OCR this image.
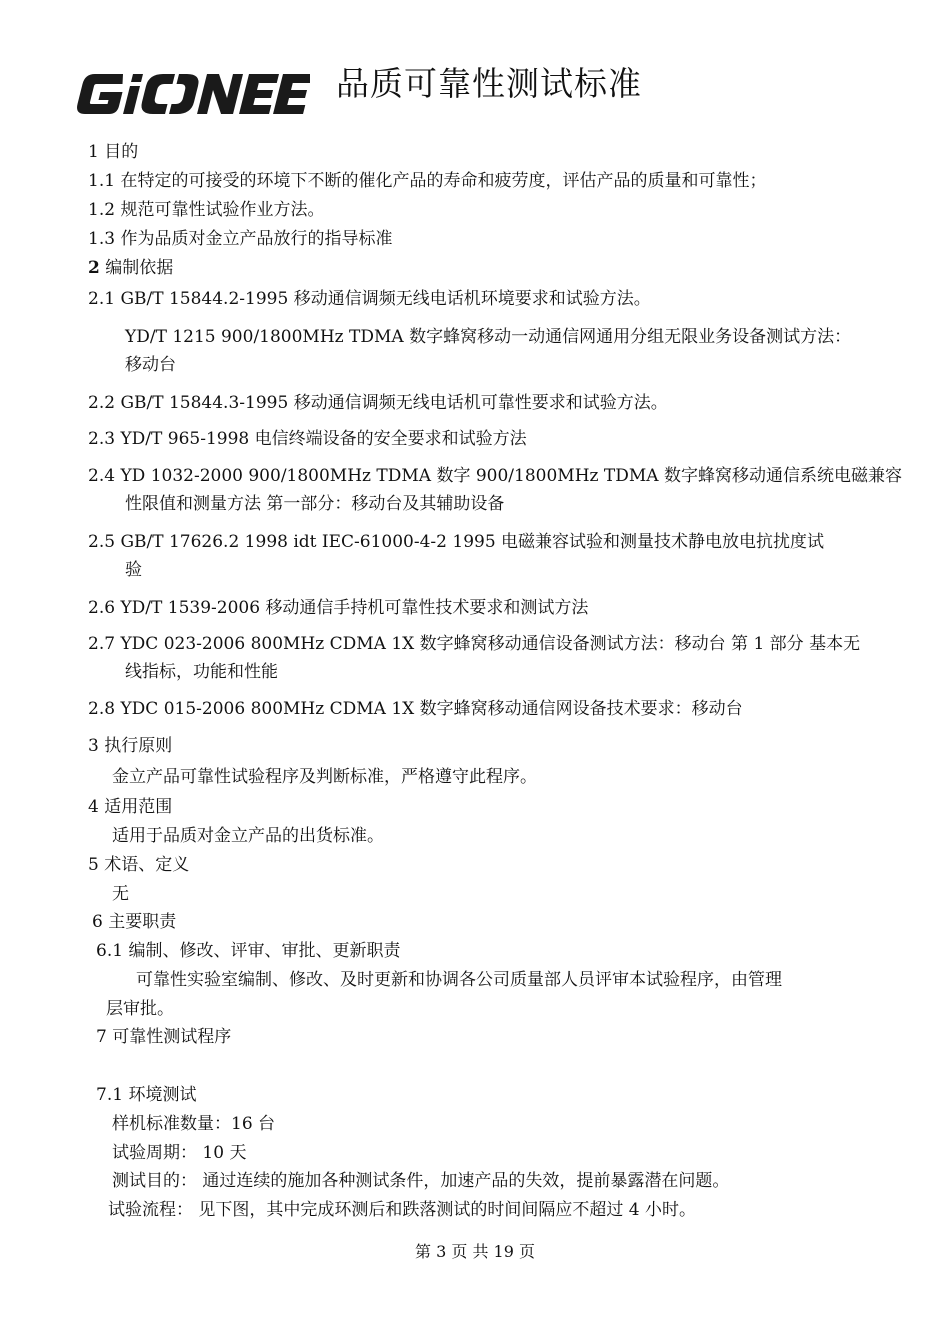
品质可靠性测试标准
1 目的
1.1 在特定的可接受的环境下不断的催化产品的寿命和疲劳度，评估产品的质量和可靠性；
1.2 规范可靠性试验作业方法。
1.3 作为品质对金立产品放行的指导标准
2 编制依据
2.1 GB/T 15844.2-1995 移动通信调频无线电话机环境要求和试验方法。
YD/T 1215 900/1800MHz TDMA 数字蜂窝移动一动通信网通用分组无限业务设备测试方法：
移动台
2.2 GB/T 15844.3-1995 移动通信调频无线电话机可靠性要求和试验方法。
2.3 YD/T 965-1998 电信终端设备的安全要求和试验方法
2.4 YD 1032-2000 900/1800MHz TDMA 数字 900/1800MHz TDMA 数字蜂窝移动通信系统电磁兼容
性限值和测量方法 第一部分：移动台及其辅助设备
2.5 GB/T 17626.2 1998 idt IEC-61000-4-2 1995 电磁兼容试验和测量技术静电放电抗扰度试
验
2.6 YD/T 1539-2006 移动通信手持机可靠性技术要求和测试方法
2.7 YDC 023-2006 800MHz CDMA 1X 数字蜂窝移动通信设备测试方法：移动台 第 1 部分 基本无
线指标，功能和性能
2.8 YDC 015-2006 800MHz CDMA 1X 数字蜂窝移动通信网设备技术要求：移动台
3 执行原则
金立产品可靠性试验程序及判断标准，严格遵守此程序。
4 适用范围
适用于品质对金立产品的出货标准。
5 术语、定义
无
6 主要职责
6.1 编制、修改、评审、审批、更新职责
可靠性实验室编制、修改、及时更新和协调各公司质量部人员评审本试验程序，由管理
层审批。
7 可靠性测试程序
7.1 环境测试
样机标准数量：16 台
试验周期： 10 天
测试目的： 通过连续的施加各种测试条件，加速产品的失效，提前暴露潜在问题。
试验流程： 见下图，其中完成环测后和跌落测试的时间间隔应不超过 4 小时。
第 3 页 共 19 页
